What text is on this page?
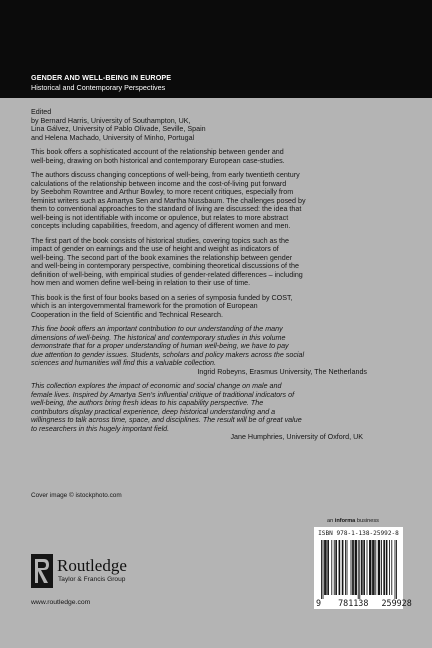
GENDER AND WELL-BEING IN EUROPE
Historical and Contemporary Perspectives

Edited
by Bernard Harris, University of Southampton, UK,
Lina Gálvez, University of Pablo Olivade, Seville, Spain
and Helena Machado, University of Minho, Portugal

This book offers a sophisticated account of the relationship between gender and
well-being, drawing on both historical and contemporary European case-studies.

The authors discuss changing conceptions of well-being, from early twentieth century
calculations of the relationship between income and the cost-of-living put forward
by Seebohm Rowntree and Arthur Bowley, to more recent critiques, especially from
feminist writers such as Amartya Sen and Martha Nussbaum. The challenges posed by
them to conventional approaches to the standard of living are discussed: the idea that
well-being is not identifiable with income or opulence, but relates to more abstract
concepts including capabilities, freedom, and agency of different women and men.

The first part of the book consists of historical studies, covering topics such as the
impact of gender on earnings and the use of height and weight as indicators of
well-being. The second part of the book examines the relationship between gender
and well-being in contemporary perspective, combining theoretical discussions of the
definition of well-being, with empirical studies of gender-related differences – including
how men and women define well-being in relation to their use of time.

This book is the first of four books based on a series of symposia funded by COST,
which is an intergovernmental framework for the promotion of European
Cooperation in the field of Scientific and Technical Research.

This fine book offers an important contribution to our understanding of the many
dimensions of well-being. The historical and contemporary studies in this volume
demonstrate that for a proper understanding of human well-being, we have to pay
due attention to gender issues. Students, scholars and policy makers across the social
sciences and humanities will find this a valuable collection.
Ingrid Robeyns, Erasmus University, The Netherlands

This collection explores the impact of economic and social change on male and
female lives. Inspired by Amartya Sen's influential critique of traditional indicators of
well-being, the authors bring fresh ideas to his capability perspective. The
contributors display practical experience, deep historical understanding and a
willingness to talk across time, space, and disciplines. The result will be of great value
to researchers in this hugely important field.
Jane Humphries, University of Oxford, UK

Cover image © istockphoto.com
an informa business
Routledge
Taylor & Francis Group
www.routledge.com
ISBN 978-1-138-25992-8
9 781138 259928
